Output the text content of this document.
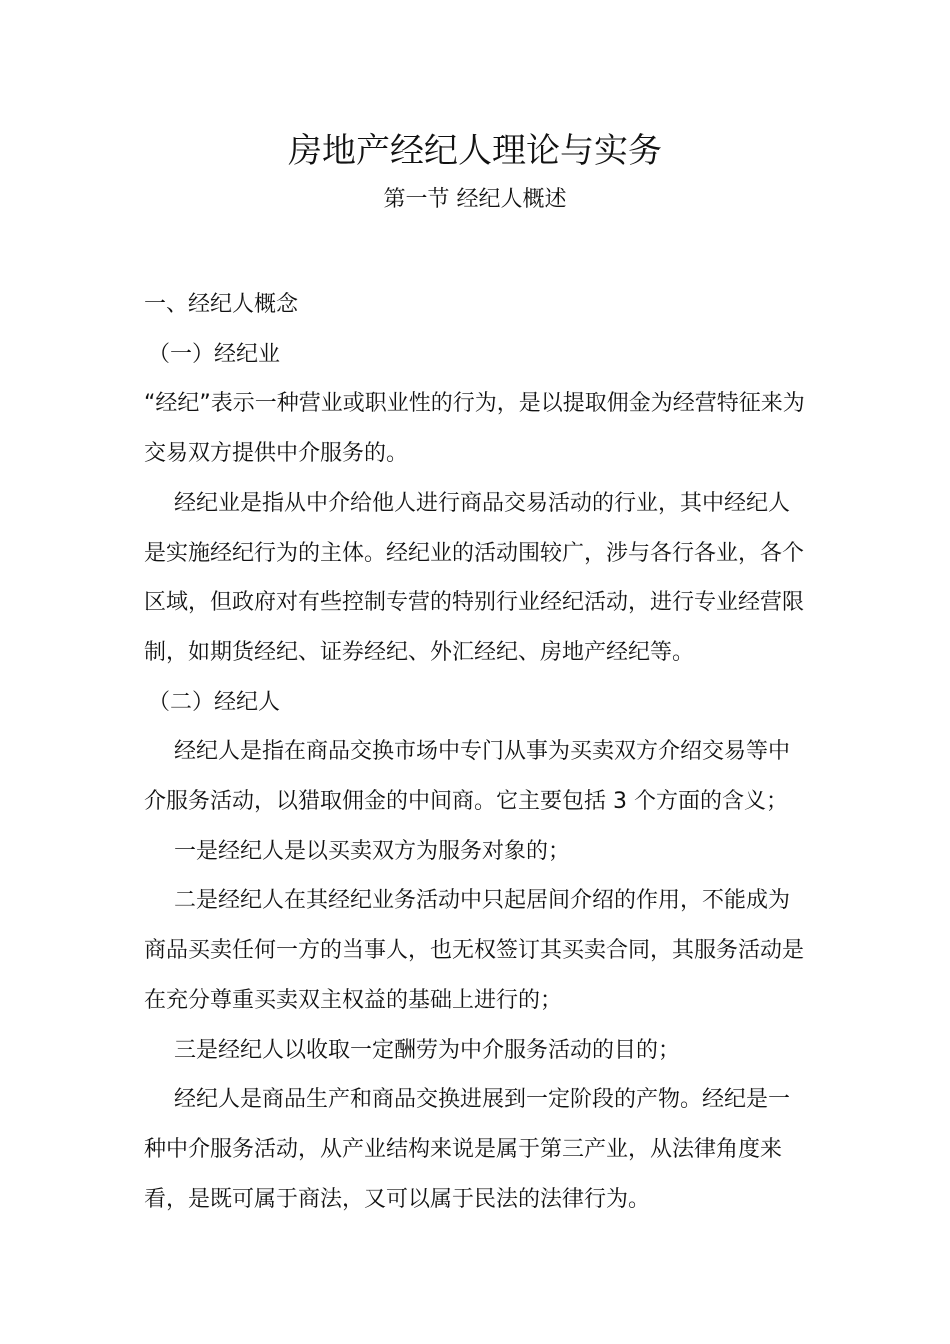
房地产经纪人理论与实务
第一节 经纪人概述

一、经纪人概念

（一）经纪业

“经纪”表示一种营业或职业性的行为，是以提取佣金为经营特征来为交易双方提供中介服务的。

经纪业是指从中介给他人进行商品交易活动的行业，其中经纪人是实施经纪行为的主体。经纪业的活动围较广，涉与各行各业，各个区域，但政府对有些控制专营的特别行业经纪活动，进行专业经营限制，如期货经纪、证券经纪、外汇经纪、房地产经纪等。

（二）经纪人

经纪人是指在商品交换市场中专门从事为买卖双方介绍交易等中介服务活动，以猎取佣金的中间商。它主要包括 3 个方面的含义；

一是经纪人是以买卖双方为服务对象的；

二是经纪人在其经纪业务活动中只起居间介绍的作用，不能成为商品买卖任何一方的当事人，也无权签订其买卖合同，其服务活动是在充分尊重买卖双主权益的基础上进行的；

三是经纪人以收取一定酬劳为中介服务活动的目的；

经纪人是商品生产和商品交换进展到一定阶段的产物。经纪是一种中介服务活动，从产业结构来说是属于第三产业，从法律角度来看，是既可属于商法，又可以属于民法的法律行为。
